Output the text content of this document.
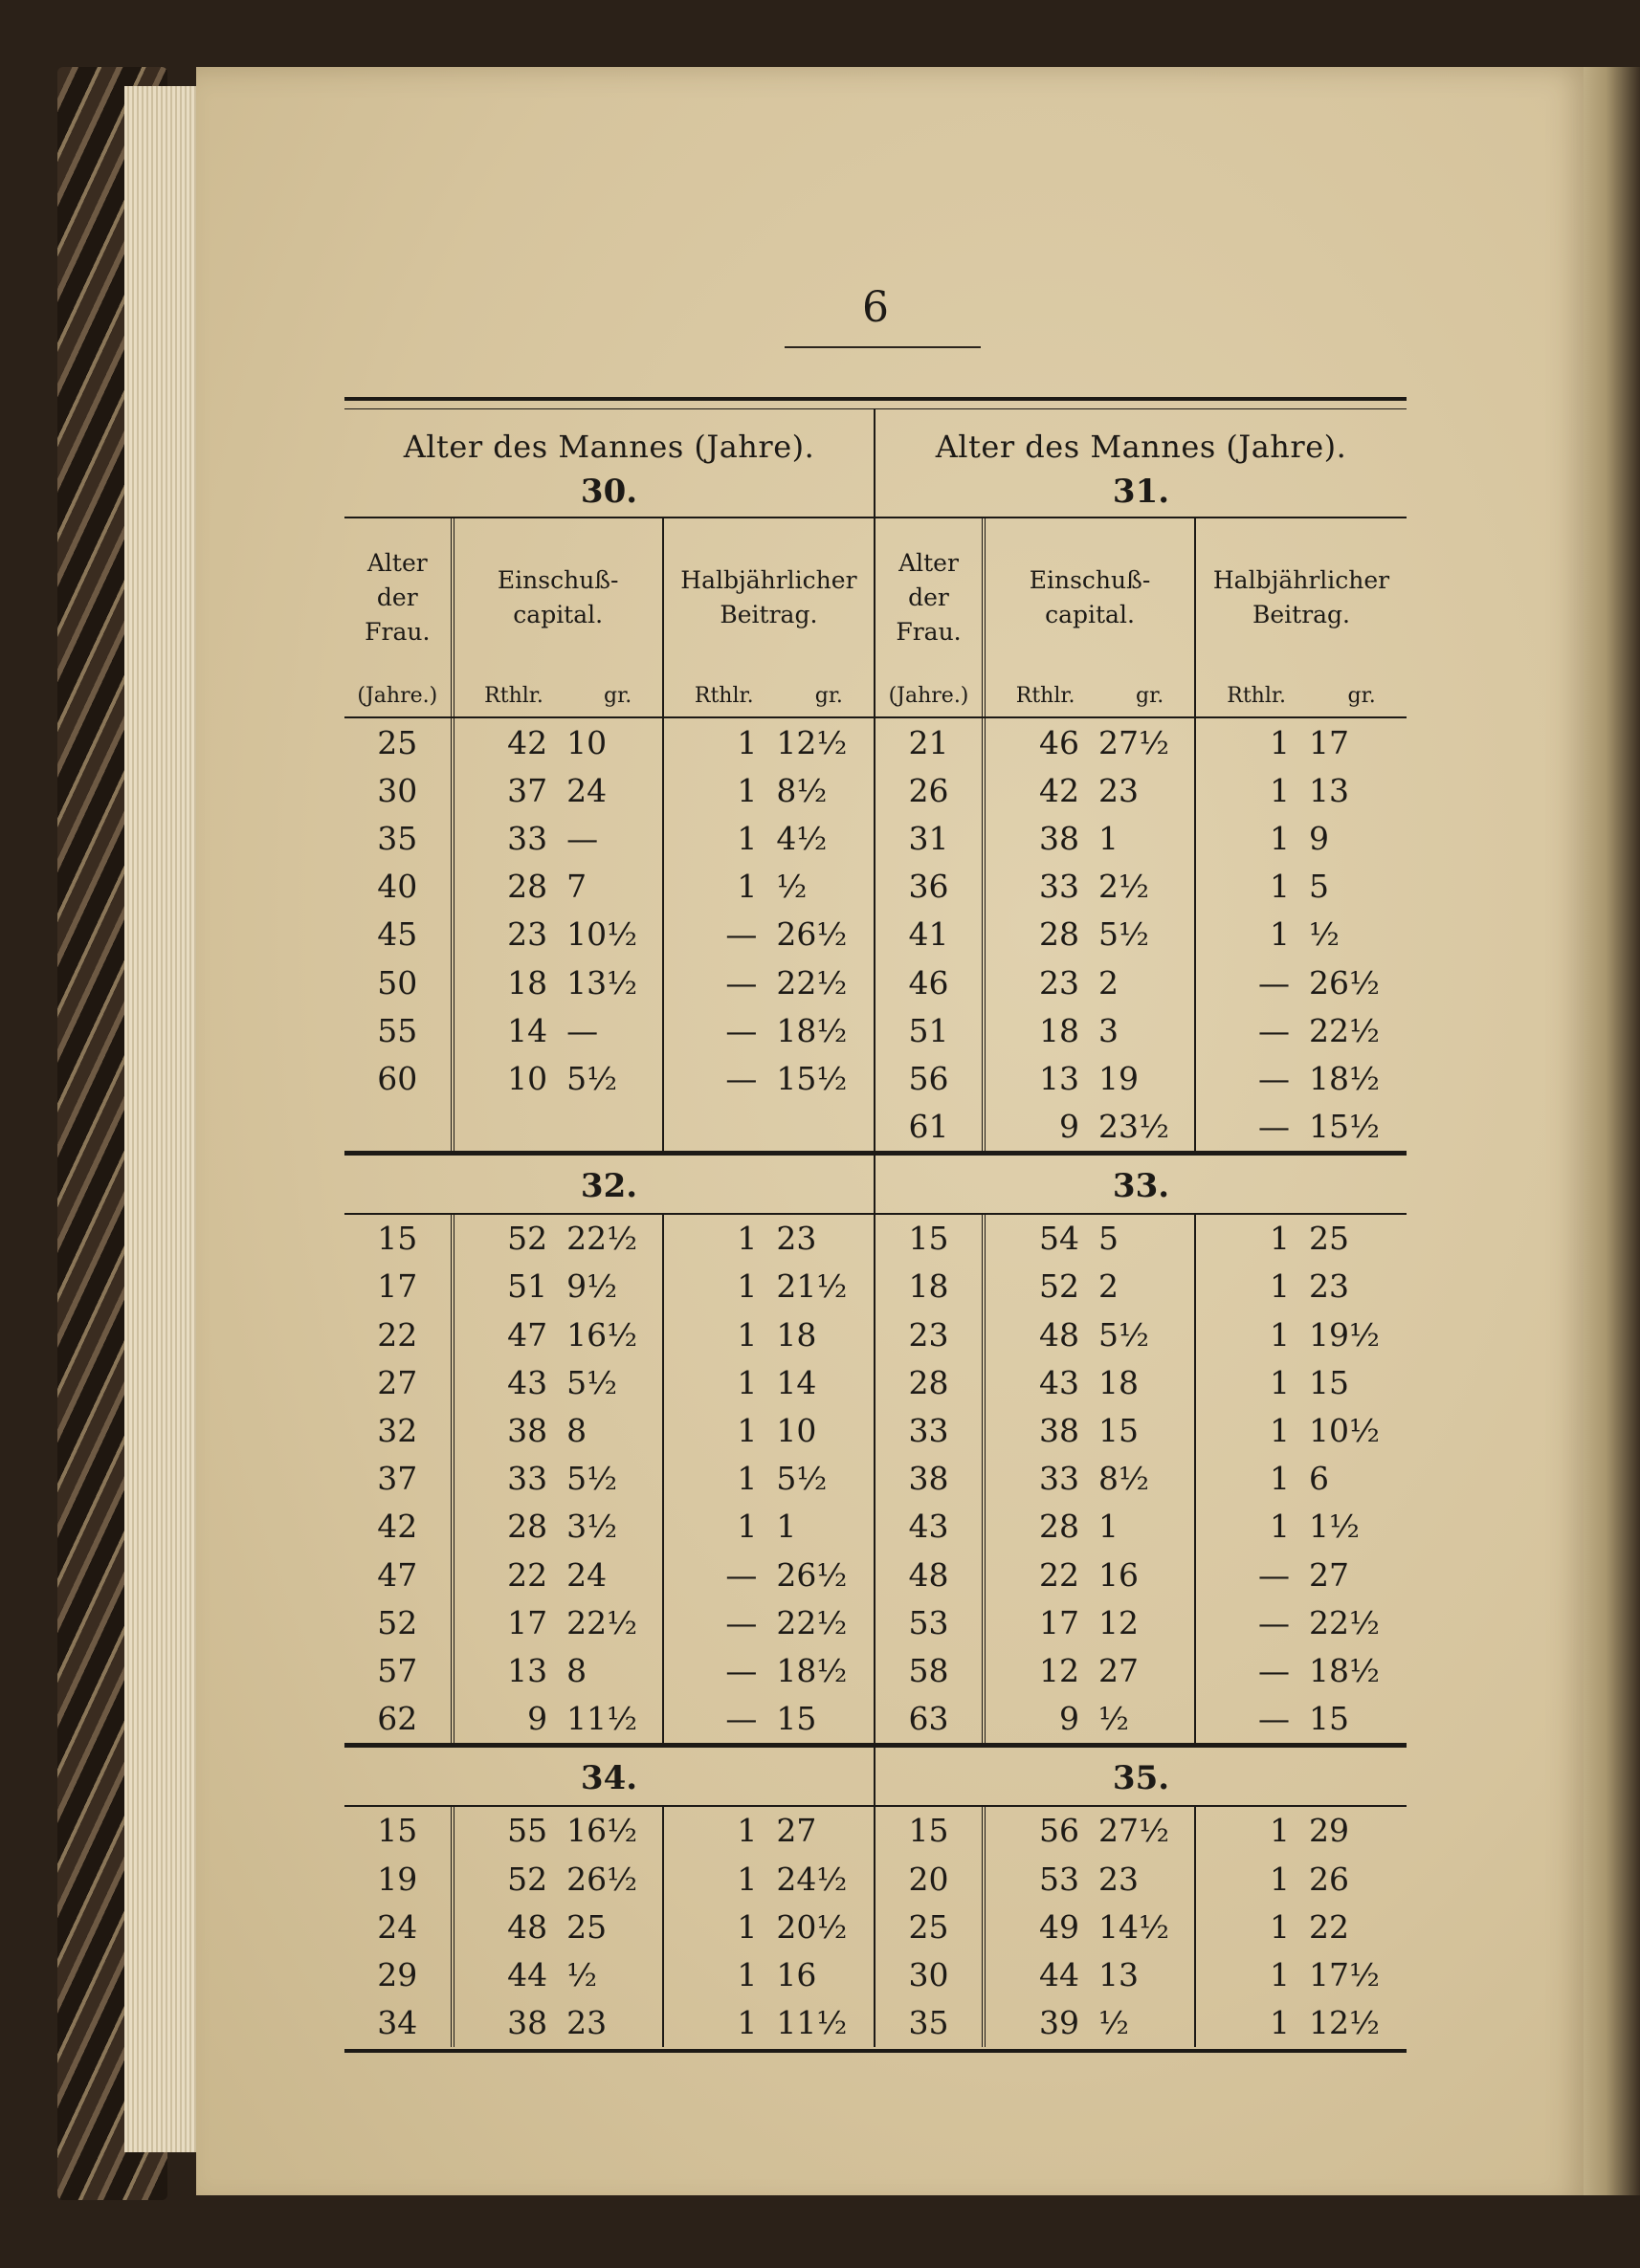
6
Alter des Mannes (Jahre).
30.
Alter
der
Frau.
(Jahre.)
Einschuß-
capital.
Rthlr.	gr.
Halbjährlicher
Beitrag.
Rthlr.	gr.
Alter des Mannes (Jahre).
31.
Alter
der
Frau.
(Jahre.)
Einschuß-
capital.
Rthlr.	gr.
Halbjährlicher
Beitrag.
Rthlr.	gr.
25	42 10	1 12½
30	37 24	1 8½
35	33 —	1 4½
40	28 7	1 ½
45	23 10½	— 26½
50	18 13½	— 22½
55	14 —	— 18½
60	10 5½	— 15½
21	46 27½	1 17
26	42 23	1 13
31	38 1	1 9
36	33 2½	1 5
41	28 5½	1 ½
46	23 2	— 26½
51	18 3	— 22½
56	13 19	— 18½
61	9 23½	— 15½
32.	33.
15	52 22½	1 23
17	51 9½	1 21½
22	47 16½	1 18
27	43 5½	1 14
32	38 8	1 10
37	33 5½	1 5½
42	28 3½	1 1
47	22 24	— 26½
52	17 22½	— 22½
57	13 8	— 18½
62	9 11½	— 15
15	54 5	1 25
18	52 2	1 23
23	48 5½	1 19½
28	43 18	1 15
33	38 15	1 10½
38	33 8½	1 6
43	28 1	1 1½
48	22 16	— 27
53	17 12	— 22½
58	12 27	— 18½
63	9 ½	— 15
34.	35.
15	55 16½	1 27
19	52 26½	1 24½
24	48 25	1 20½
29	44 ½	1 16
34	38 23	1 11½
15	56 27½	1 29
20	53 23	1 26
25	49 14½	1 22
30	44 13	1 17½
35	39 ½	1 12½
